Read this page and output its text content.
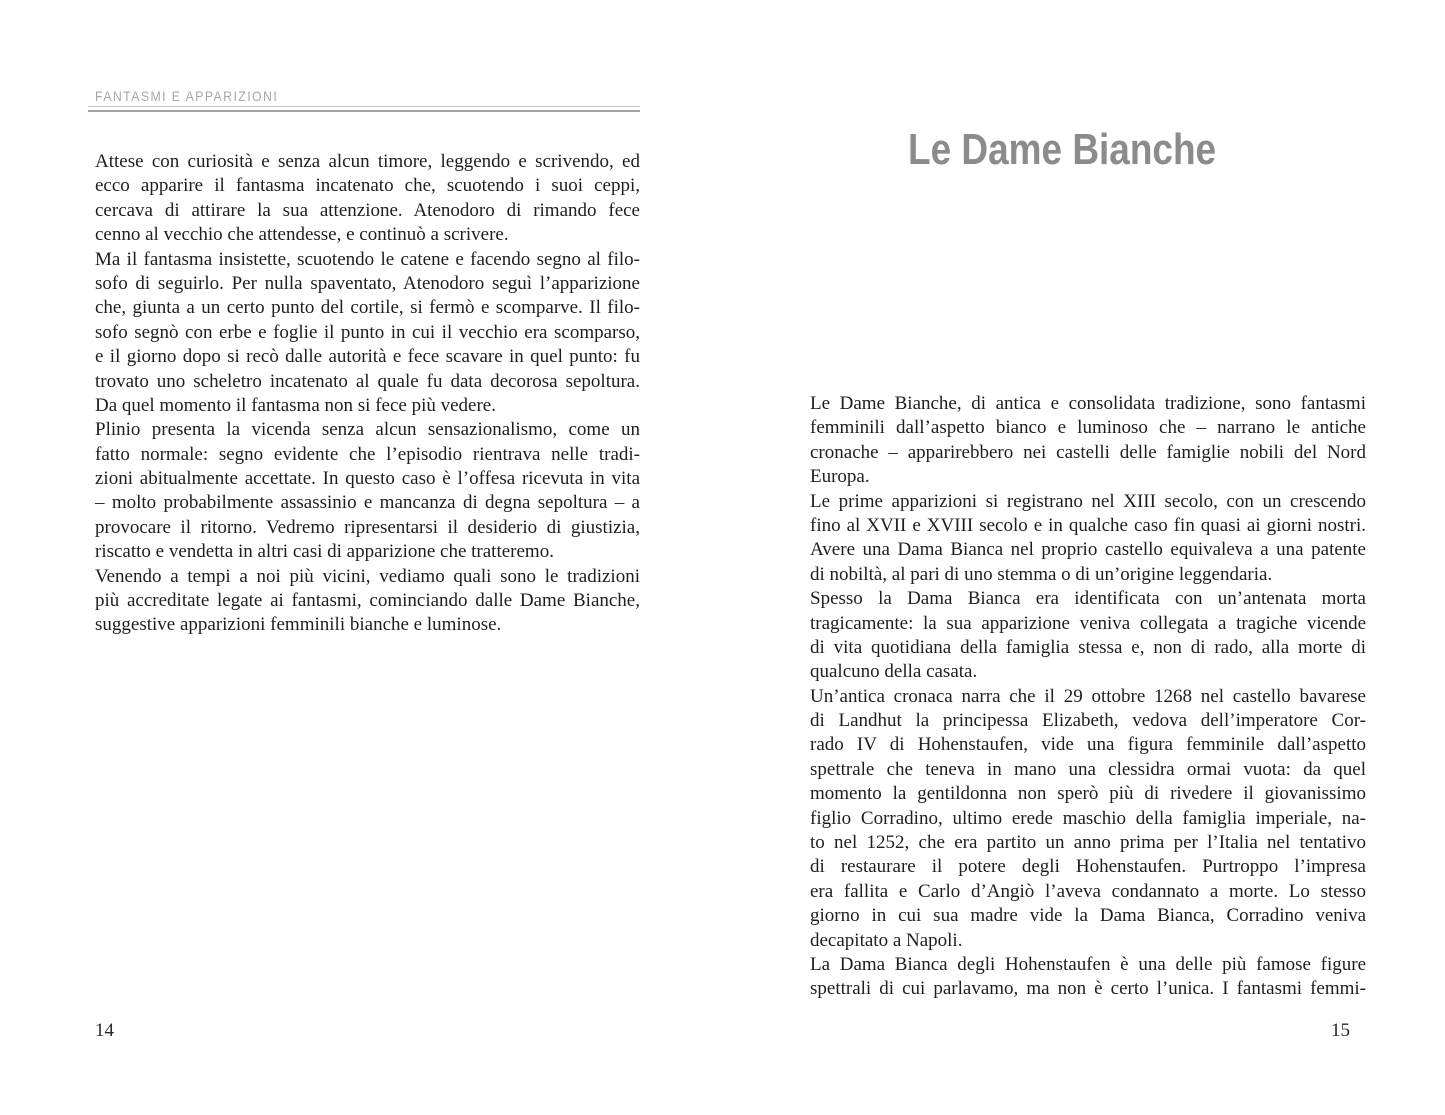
FANTASMI E APPARIZIONI
Attese con curiosità e senza alcun timore, leggendo e scrivendo, ed
ecco apparire il fantasma incatenato che, scuotendo i suoi ceppi,
cercava di attirare la sua attenzione. Atenodoro di rimando fece
cenno al vecchio che attendesse, e continuò a scrivere.
Ma il fantasma insistette, scuotendo le catene e facendo segno al filo-
sofo di seguirlo. Per nulla spaventato, Atenodoro seguì l’apparizione
che, giunta a un certo punto del cortile, si fermò e scomparve. Il filo-
sofo segnò con erbe e foglie il punto in cui il vecchio era scomparso,
e il giorno dopo si recò dalle autorità e fece scavare in quel punto: fu
trovato uno scheletro incatenato al quale fu data decorosa sepoltura.
Da quel momento il fantasma non si fece più vedere.
Plinio presenta la vicenda senza alcun sensazionalismo, come un
fatto normale: segno evidente che l’episodio rientrava nelle tradi-
zioni abitualmente accettate. In questo caso è l’offesa ricevuta in vita
– molto probabilmente assassinio e mancanza di degna sepoltura – a
provocare il ritorno. Vedremo ripresentarsi il desiderio di giustizia,
riscatto e vendetta in altri casi di apparizione che tratteremo.
Venendo a tempi a noi più vicini, vediamo quali sono le tradizioni
più accreditate legate ai fantasmi, cominciando dalle Dame Bianche,
suggestive apparizioni femminili bianche e luminose.
14
Le Dame Bianche
Le Dame Bianche, di antica e consolidata tradizione, sono fantasmi
femminili dall’aspetto bianco e luminoso che – narrano le antiche
cronache – apparirebbero nei castelli delle famiglie nobili del Nord
Europa.
Le prime apparizioni si registrano nel XIII secolo, con un crescendo
fino al XVII e XVIII secolo e in qualche caso fin quasi ai giorni nostri.
Avere una Dama Bianca nel proprio castello equivaleva a una patente
di nobiltà, al pari di uno stemma o di un’origine leggendaria.
Spesso la Dama Bianca era identificata con un’antenata morta
tragicamente: la sua apparizione veniva collegata a tragiche vicende
di vita quotidiana della famiglia stessa e, non di rado, alla morte di
qualcuno della casata.
Un’antica cronaca narra che il 29 ottobre 1268 nel castello bavarese
di Landhut la principessa Elizabeth, vedova dell’imperatore Cor-
rado IV di Hohenstaufen, vide una figura femminile dall’aspetto
spettrale che teneva in mano una clessidra ormai vuota: da quel
momento la gentildonna non sperò più di rivedere il giovanissimo
figlio Corradino, ultimo erede maschio della famiglia imperiale, na-
to nel 1252, che era partito un anno prima per l’Italia nel tentativo
di restaurare il potere degli Hohenstaufen. Purtroppo l’impresa
era fallita e Carlo d’Angiò l’aveva condannato a morte. Lo stesso
giorno in cui sua madre vide la Dama Bianca, Corradino veniva
decapitato a Napoli.
La Dama Bianca degli Hohenstaufen è una delle più famose figure
spettrali di cui parlavamo, ma non è certo l’unica. I fantasmi femmi-
15
